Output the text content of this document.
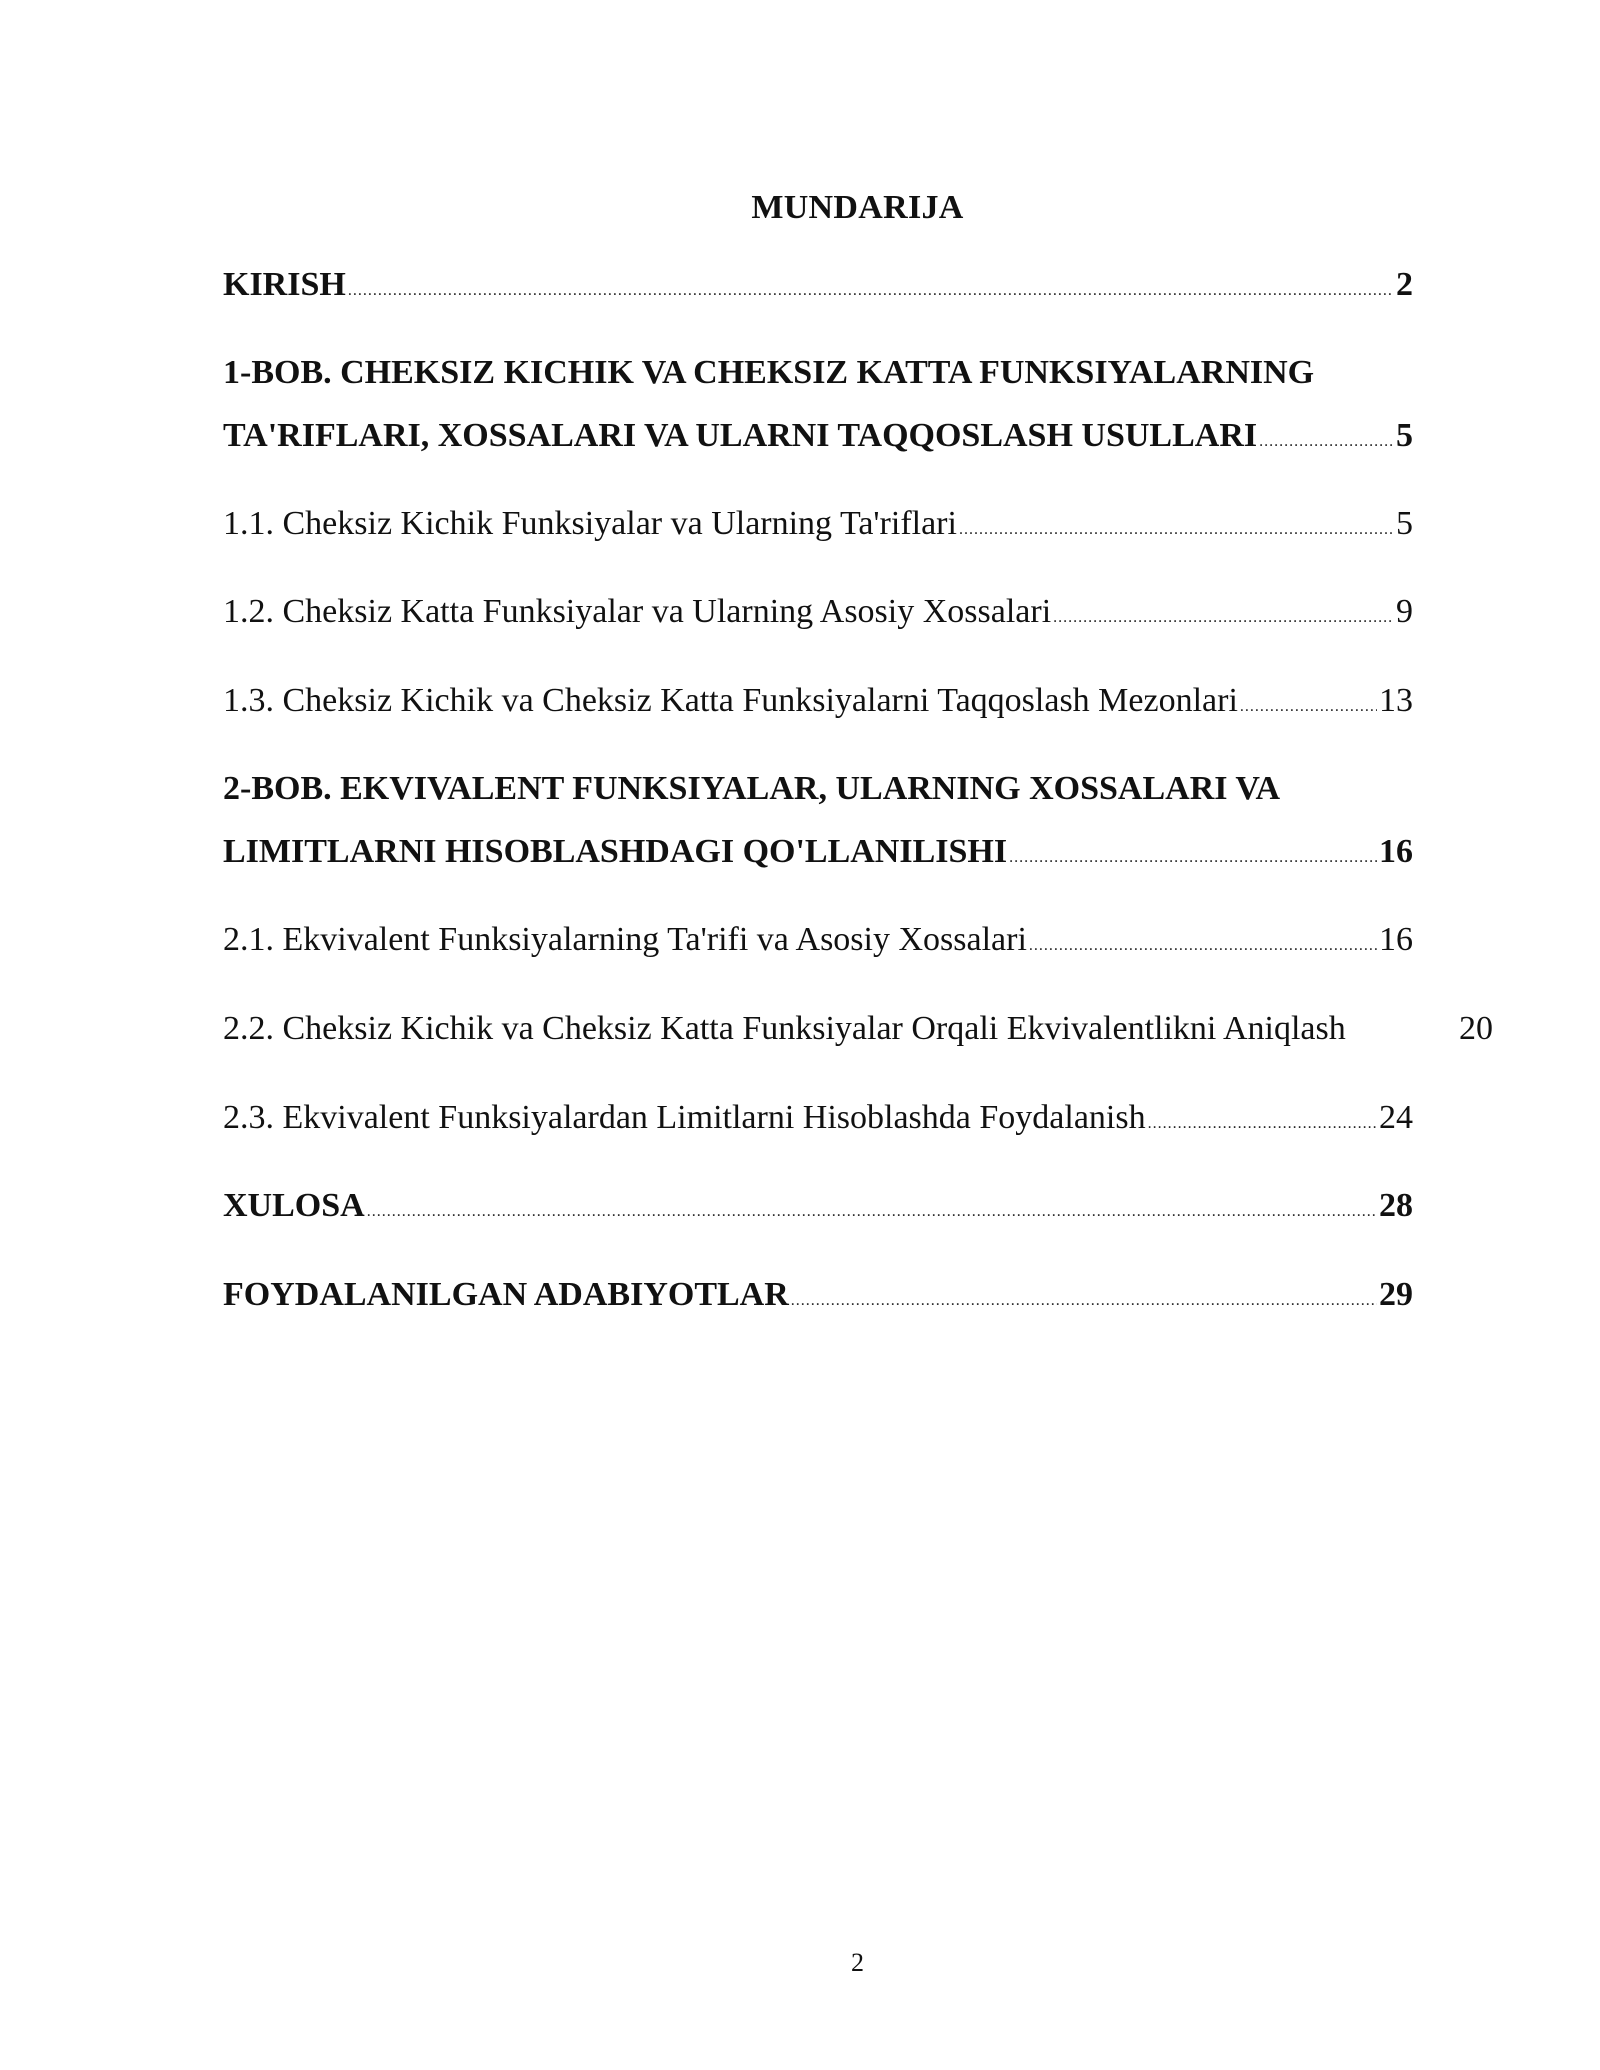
MUNDARIJA
KIRISH .....	2
1-BOB. CHEKSIZ KICHIK VA CHEKSIZ KATTA FUNKSIYALARNING
TA'RIFLARI, XOSSALARI VA ULARNI TAQQOSLASH USULLARI .....	5
1.1. Cheksiz Kichik Funksiyalar va Ularning Ta'riflari .....	5
1.2. Cheksiz Katta Funksiyalar va Ularning Asosiy Xossalari .....	9
1.3. Cheksiz Kichik va Cheksiz Katta Funksiyalarni Taqqoslash Mezonlari .....	13
2-BOB. EKVIVALENT FUNKSIYALAR, ULARNING XOSSALARI VA
LIMITLARNI HISOBLASHDAGI QO'LLANILISHI .....	16
2.1. Ekvivalent Funksiyalarning Ta'rifi va Asosiy Xossalari .....	16
2.2. Cheksiz Kichik va Cheksiz Katta Funksiyalar Orqali Ekvivalentlikni Aniqlash	20
2.3. Ekvivalent Funksiyalardan Limitlarni Hisoblashda Foydalanish .....	24
XULOSA .....	28
FOYDALANILGAN ADABIYOTLAR .....	29
2
